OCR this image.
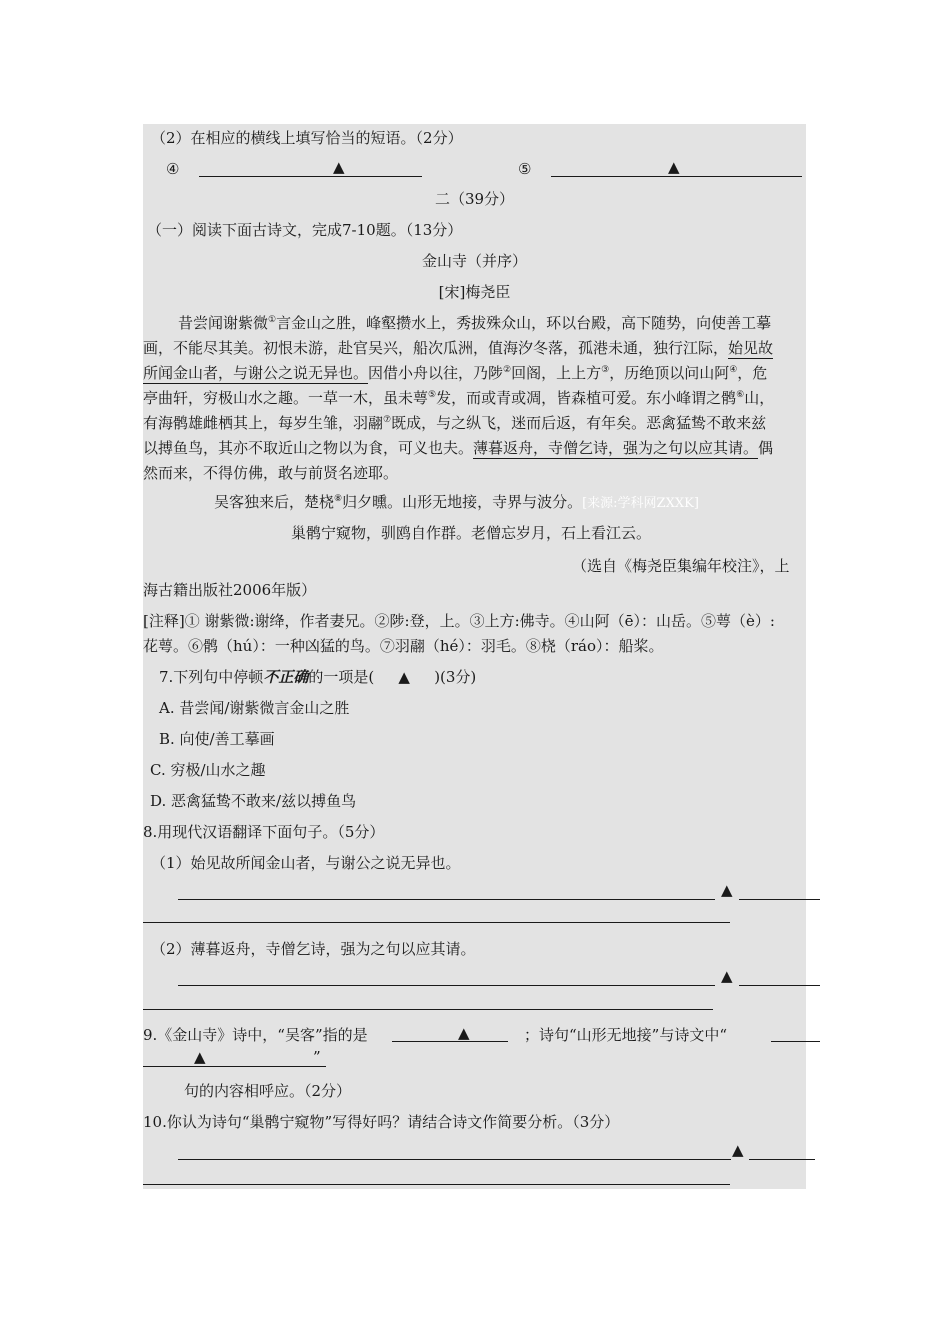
（2）在相应的横线上填写恰当的短语。（2分）
④	▲	⑤	▲
二（39分）
（一）阅读下面古诗文，完成7-10题。（13分）
金山寺（并序）
[宋]梅尧臣
昔尝闻谢紫微①言金山之胜，峰壑攒水上，秀拔殊众山，环以台殿，高下随势，向使善工摹
画，不能尽其美。初恨未游，赴官吴兴，船次瓜洲，值海汐冬落，孤港未通，独行江际，始见故
所闻金山者，与谢公之说无异也。因借小舟以往，乃陟②回阁，上上方③，历绝顶以问山阿④，危
亭曲轩，穷极山水之趣。一草一木，虽未萼⑤发，而或青或凋，皆森植可爱。东小峰谓之鹘⑥山，
有海鹘雄雌栖其上，每岁生雏，羽翮⑦既成，与之纵飞，迷而后返，有年矣。恶禽猛鸷不敢来兹
以搏鱼鸟，其亦不取近山之物以为食，可义也夫。薄暮返舟，寺僧乞诗，强为之句以应其请。偶
然而来，不得仿佛，敢与前贤名迹耶。
吴客独来后，楚桡⑧归夕曛。山形无地接，寺界与波分。[来源:学科网ZXXK]
巢鹘宁窥物，驯鸥自作群。老僧忘岁月，石上看江云。
（选自《梅尧臣集编年校注》，上
海古籍出版社2006年版）
[注释]① 谢紫微:谢绛，作者妻兄。②陟:登，上。③上方:佛寺。④山阿（ē）：山岳。⑤萼（è）:
花萼。⑥鹘（hú）：一种凶猛的鸟。⑦羽翮（hé）：羽毛。⑧桡（ráo）：船桨。
7.下列句中停顿不正确的一项是( ▲ )(3分)
A. 昔尝闻/谢紫微言金山之胜
B. 向使/善工摹画
C. 穷极/山水之趣
D. 恶禽猛鸷不敢来/兹以搏鱼鸟
8.用现代汉语翻译下面句子。（5分）
（1）始见故所闻金山者，与谢公之说无异也。
▲
（2）薄暮返舟，寺僧乞诗，强为之句以应其请。
▲
9.《金山寺》诗中，“吴客”指的是	▲	；诗句“山形无地接”与诗文中“
▲	”
句的内容相呼应。（2分）
10.你认为诗句“巢鹘宁窥物”写得好吗？请结合诗文作简要分析。（3分）
▲
